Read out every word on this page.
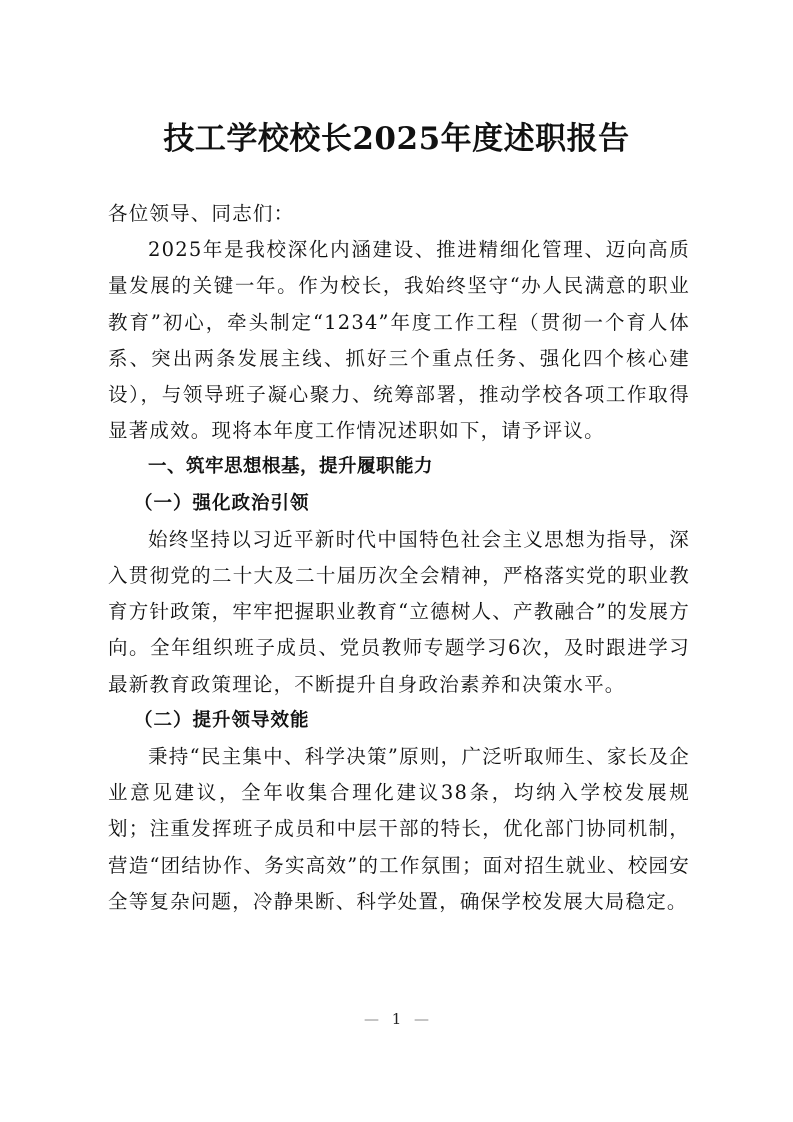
技工学校校长2025年度述职报告
各位领导、同志们：
2025年是我校深化内涵建设、推进精细化管理、迈向高质量发展的关键一年。作为校长，我始终坚守“办人民满意的职业教育”初心，牵头制定“1234”年度工作工程（贯彻一个育人体系、突出两条发展主线、抓好三个重点任务、强化四个核心建设），与领导班子凝心聚力、统筹部署，推动学校各项工作取得显著成效。现将本年度工作情况述职如下，请予评议。
一、筑牢思想根基，提升履职能力
（一）强化政治引领
始终坚持以习近平新时代中国特色社会主义思想为指导，深入贯彻党的二十大及二十届历次全会精神，严格落实党的职业教育方针政策，牢牢把握职业教育“立德树人、产教融合”的发展方向。全年组织班子成员、党员教师专题学习6次，及时跟进学习最新教育政策理论，不断提升自身政治素养和决策水平。
（二）提升领导效能
秉持“民主集中、科学决策”原则，广泛听取师生、家长及企业意见建议，全年收集合理化建议38条，均纳入学校发展规划；注重发挥班子成员和中层干部的特长，优化部门协同机制，营造“团结协作、务实高效”的工作氛围；面对招生就业、校园安全等复杂问题，冷静果断、科学处置，确保学校发展大局稳定。
— 1 —
